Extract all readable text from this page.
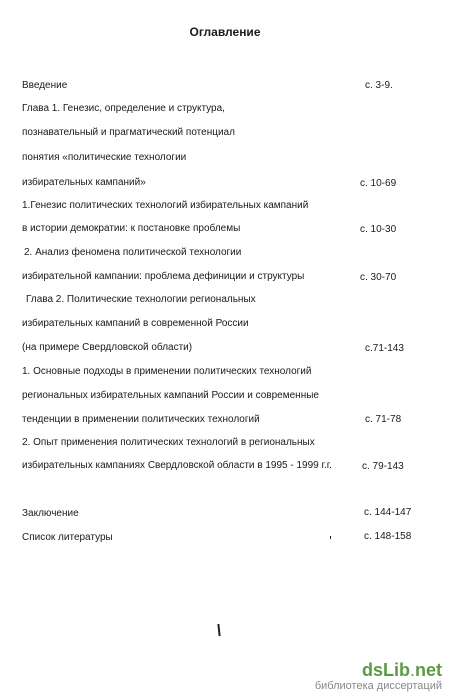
Оглавление
Введение	с. 3-9.
Глава 1. Генезис, определение и структура,
познавательный и прагматический потенциал
понятия «политические технологии
избирательных кампаний»	с. 10-69
1.Генезис политических технологий избирательных кампаний
в истории демократии: к постановке проблемы	с. 10-30
2. Анализ феномена политической технологии
избирательной кампании: проблема дефиниции и структуры	с. 30-70
Глава 2. Политические технологии региональных
избирательных кампаний в современной России
(на примере Свердловской области)	с.71-143
1. Основные подходы в применении политических технологий
региональных избирательных кампаний России и современные
тенденции в применении политических технологий	с. 71-78
2. Опыт применения политических технологий в региональных
избирательных кампаниях Свердловской области в 1995 - 1999 г.г.	с. 79-143
Заключение	с. 144-147
Список литературы	с. 148-158
dsLib.net
библиотека диссертаций
